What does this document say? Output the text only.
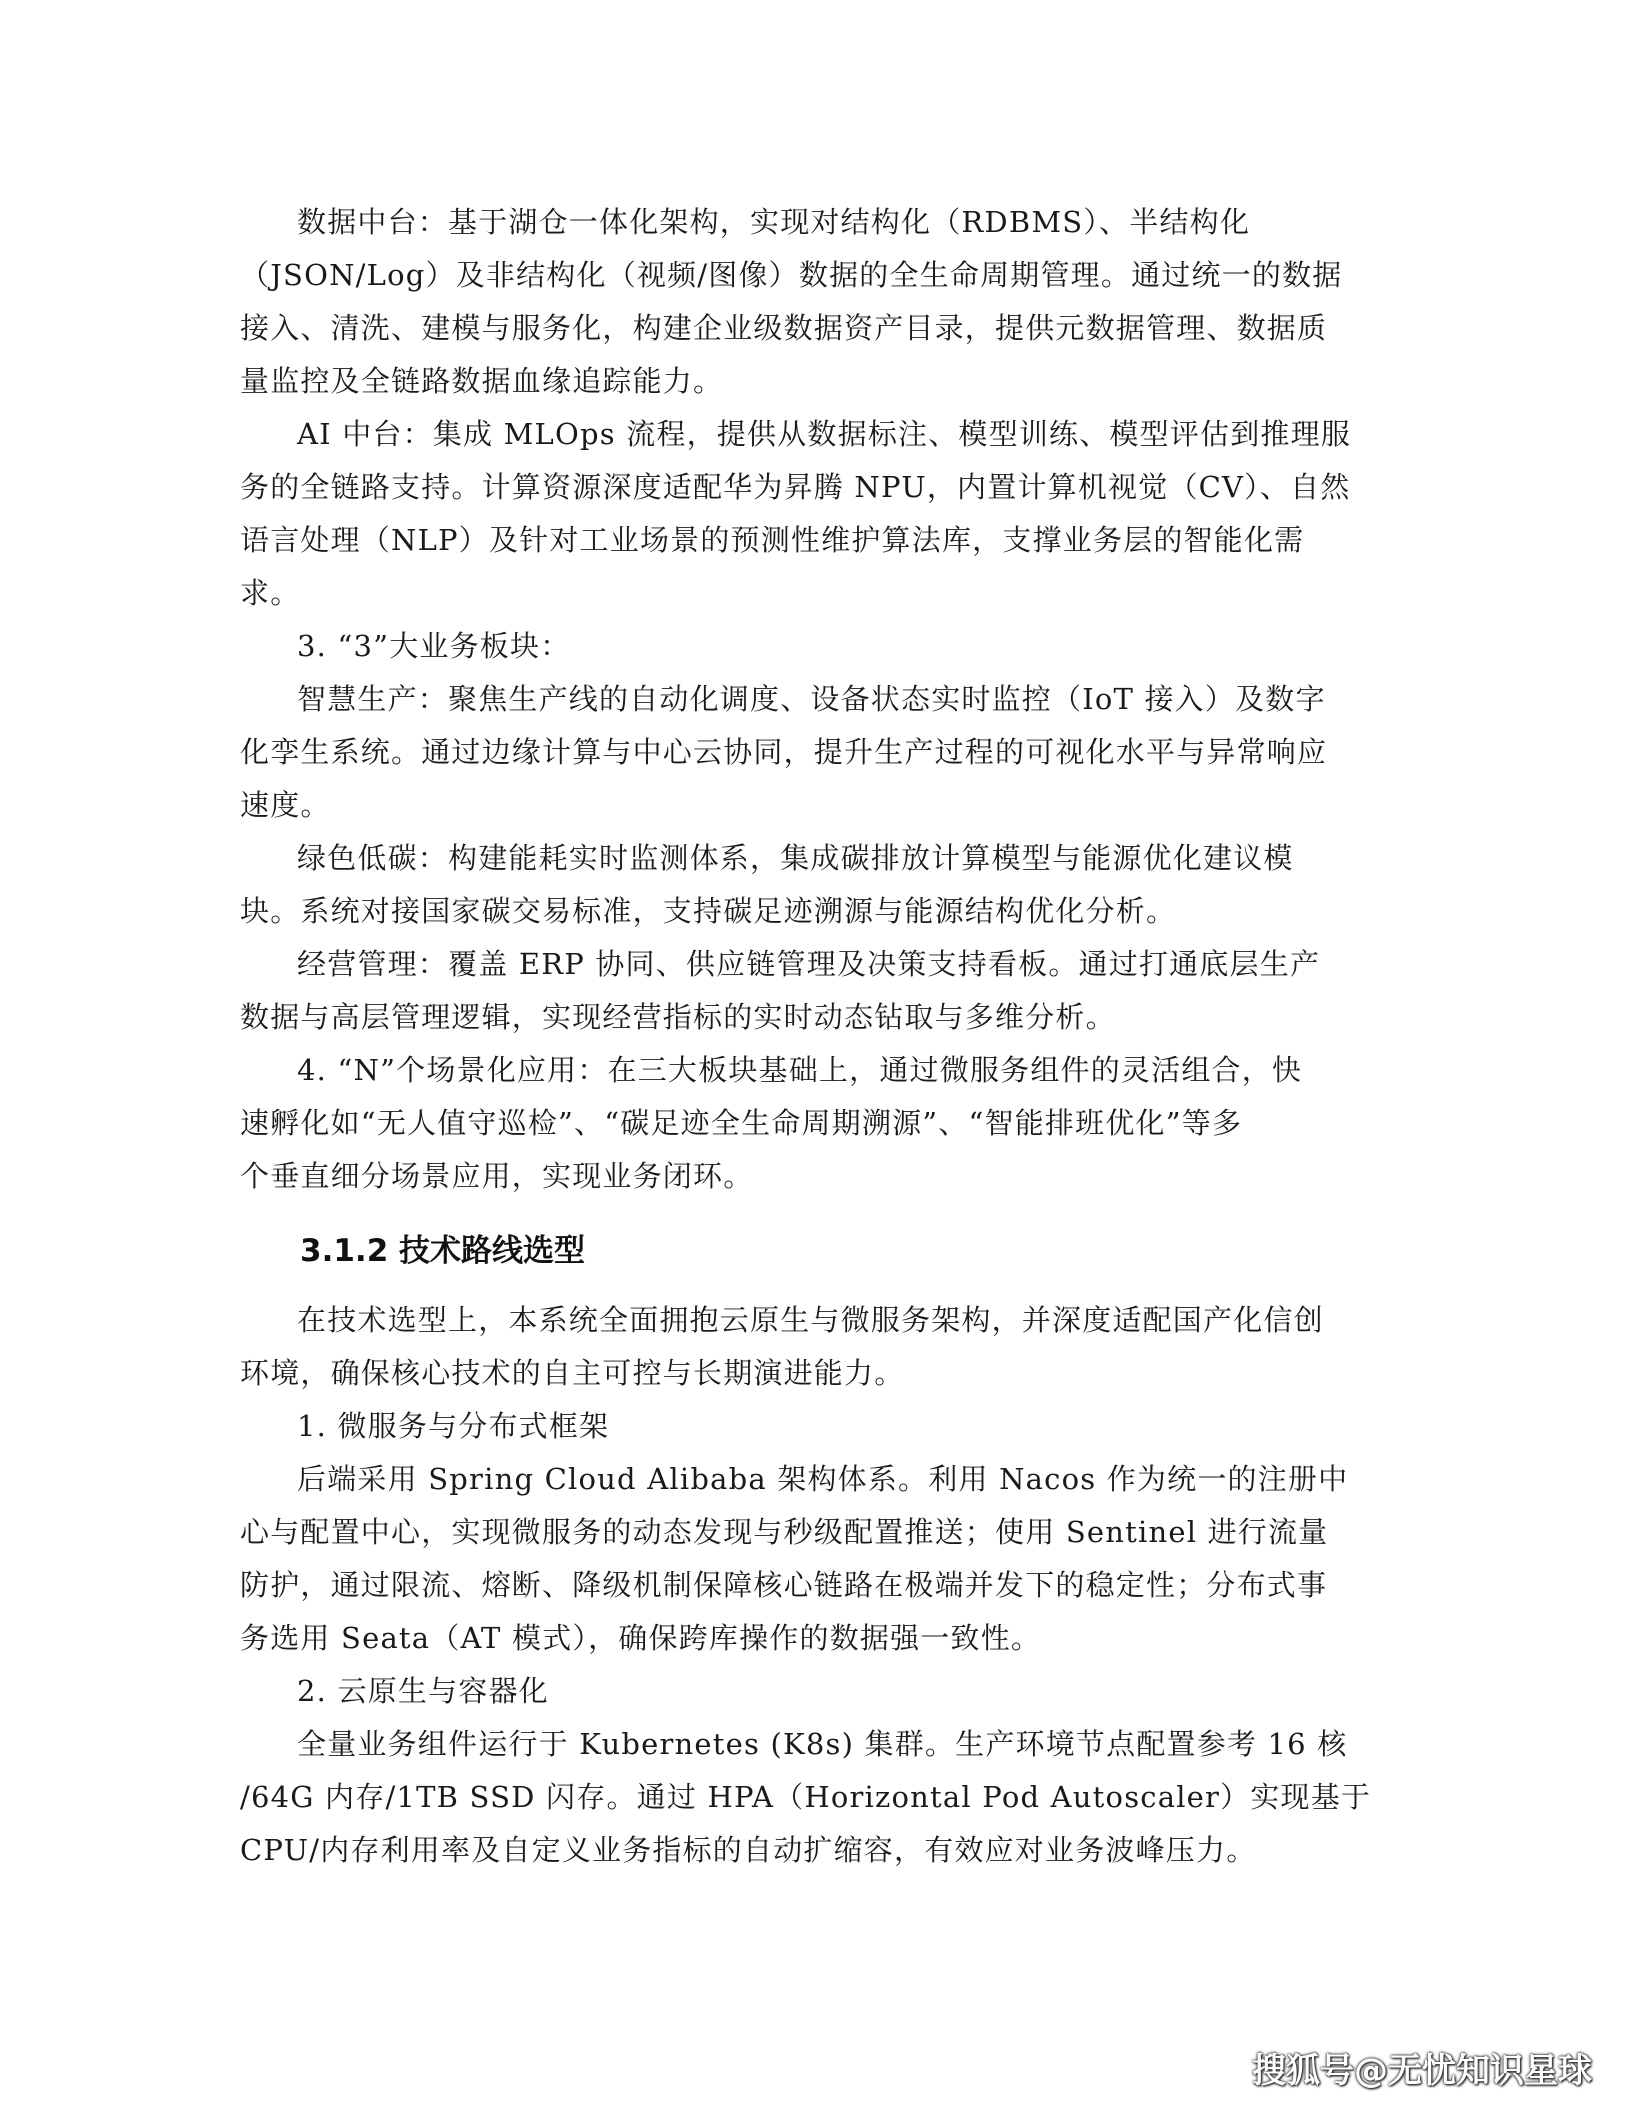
数据中台：基于湖仓一体化架构，实现对结构化（RDBMS）、半结构化
（JSON/Log）及非结构化（视频/图像）数据的全生命周期管理。通过统一的数据
接入、清洗、建模与服务化，构建企业级数据资产目录，提供元数据管理、数据质
量监控及全链路数据血缘追踪能力。
AI 中台：集成 MLOps 流程，提供从数据标注、模型训练、模型评估到推理服
务的全链路支持。计算资源深度适配华为昇腾 NPU，内置计算机视觉（CV）、自然
语言处理（NLP）及针对工业场景的预测性维护算法库，支撑业务层的智能化需
求。
3. “3”大业务板块：
智慧生产：聚焦生产线的自动化调度、设备状态实时监控（IoT 接入）及数字
化孪生系统。通过边缘计算与中心云协同，提升生产过程的可视化水平与异常响应
速度。
绿色低碳：构建能耗实时监测体系，集成碳排放计算模型与能源优化建议模
块。系统对接国家碳交易标准，支持碳足迹溯源与能源结构优化分析。
经营管理：覆盖 ERP 协同、供应链管理及决策支持看板。通过打通底层生产
数据与高层管理逻辑，实现经营指标的实时动态钻取与多维分析。
4. “N”个场景化应用：在三大板块基础上，通过微服务组件的灵活组合，快
速孵化如“无人值守巡检”、“碳足迹全生命周期溯源”、“智能排班优化”等多
个垂直细分场景应用，实现业务闭环。
3.1.2 技术路线选型
在技术选型上，本系统全面拥抱云原生与微服务架构，并深度适配国产化信创
环境，确保核心技术的自主可控与长期演进能力。
1. 微服务与分布式框架
后端采用 Spring Cloud Alibaba 架构体系。利用 Nacos 作为统一的注册中
心与配置中心，实现微服务的动态发现与秒级配置推送；使用 Sentinel 进行流量
防护，通过限流、熔断、降级机制保障核心链路在极端并发下的稳定性；分布式事
务选用 Seata（AT 模式），确保跨库操作的数据强一致性。
2. 云原生与容器化
全量业务组件运行于 Kubernetes (K8s) 集群。生产环境节点配置参考 16 核
/64G 内存/1TB SSD 闪存。通过 HPA（Horizontal Pod Autoscaler）实现基于
CPU/内存利用率及自定义业务指标的自动扩缩容，有效应对业务波峰压力。
搜狐号@无忧知识星球
